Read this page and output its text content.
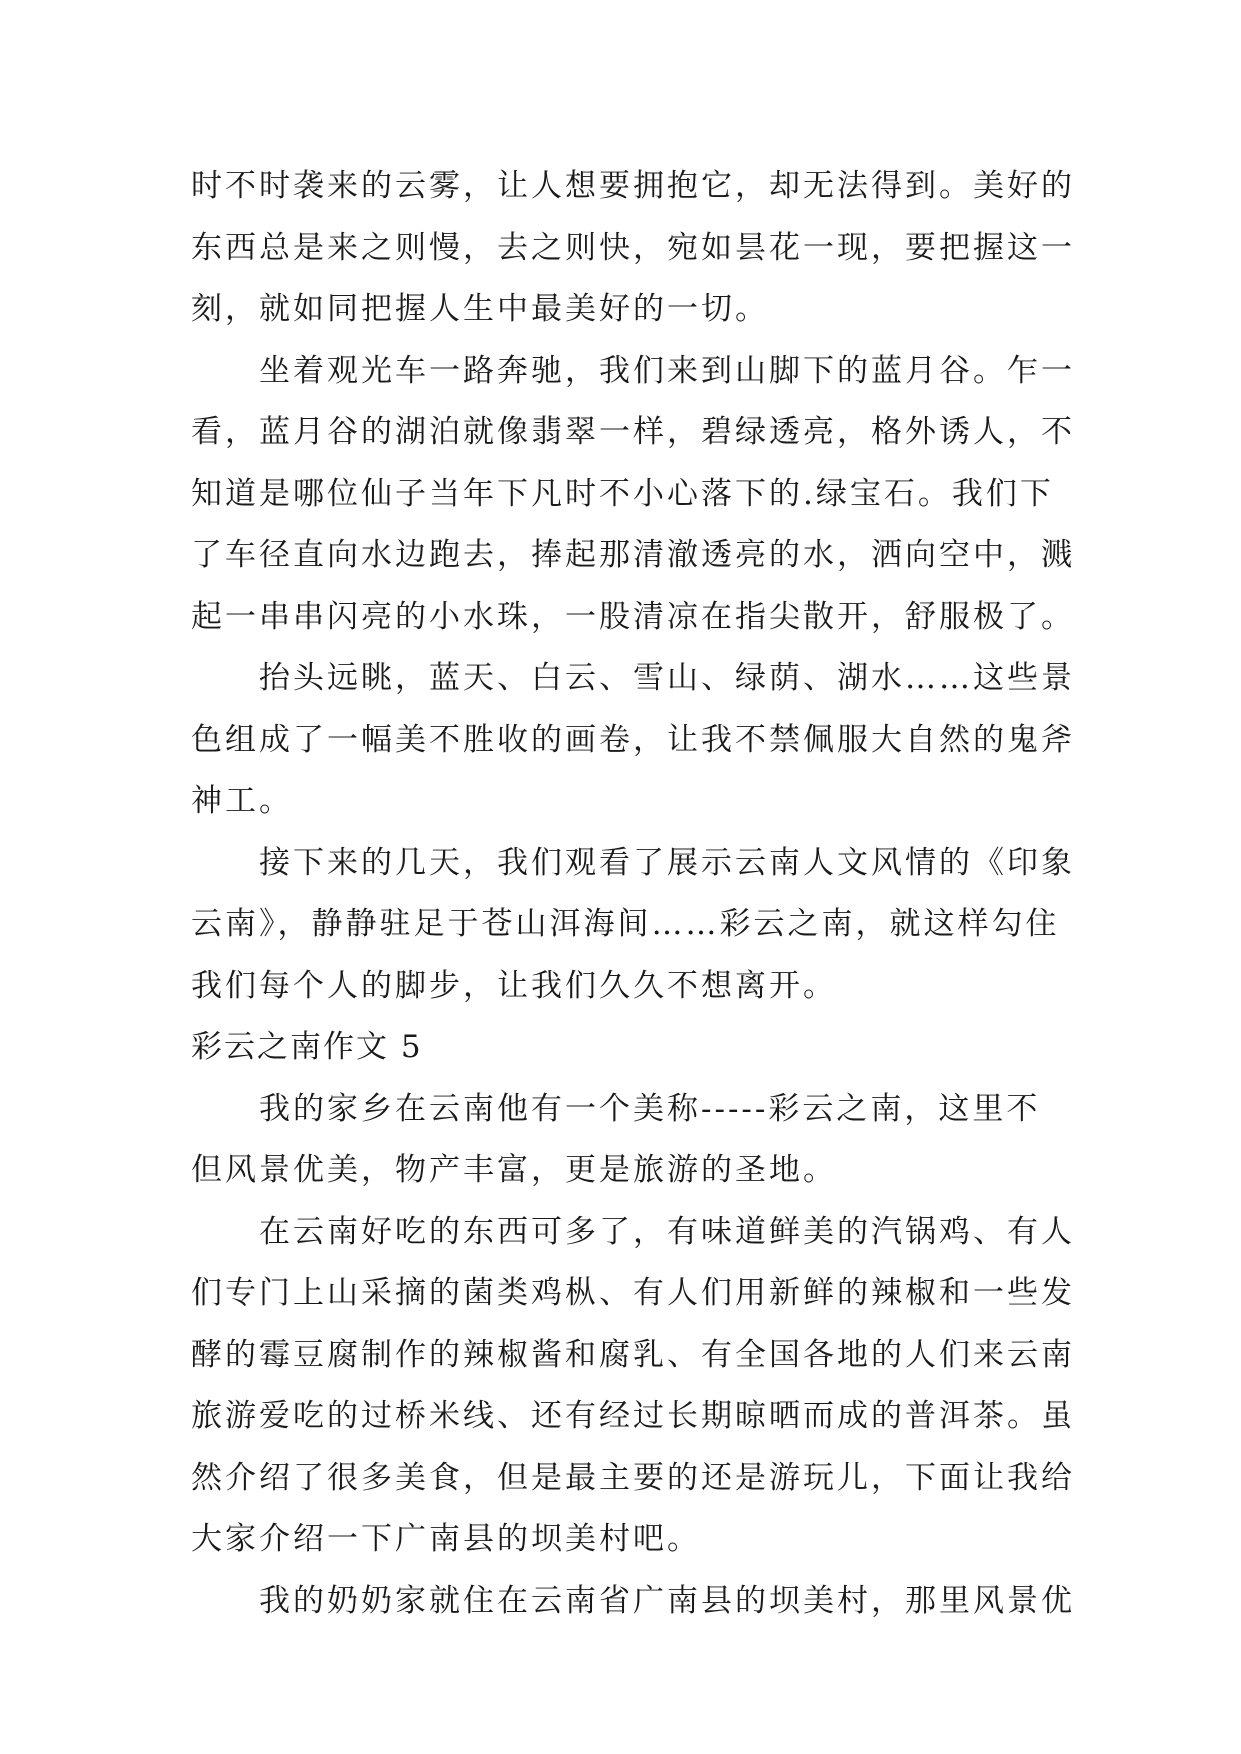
时不时袭来的云雾，让人想要拥抱它，却无法得到。美好的
东西总是来之则慢，去之则快，宛如昙花一现，要把握这一
刻，就如同把握人生中最美好的一切。
坐着观光车一路奔驰，我们来到山脚下的蓝月谷。乍一
看，蓝月谷的湖泊就像翡翠一样，碧绿透亮，格外诱人，不
知道是哪位仙子当年下凡时不小心落下的.绿宝石。我们下
了车径直向水边跑去，捧起那清澈透亮的水，洒向空中，溅
起一串串闪亮的小水珠，一股清凉在指尖散开，舒服极了。
抬头远眺，蓝天、白云、雪山、绿荫、湖水……这些景
色组成了一幅美不胜收的画卷，让我不禁佩服大自然的鬼斧
神工。
接下来的几天，我们观看了展示云南人文风情的《印象
云南》，静静驻足于苍山洱海间……彩云之南，就这样勾住
我们每个人的脚步，让我们久久不想离开。
彩云之南作文 5
我的家乡在云南他有一个美称-----彩云之南，这里不
但风景优美，物产丰富，更是旅游的圣地。
在云南好吃的东西可多了，有味道鲜美的汽锅鸡、有人
们专门上山采摘的菌类鸡枞、有人们用新鲜的辣椒和一些发
酵的霉豆腐制作的辣椒酱和腐乳、有全国各地的人们来云南
旅游爱吃的过桥米线、还有经过长期晾晒而成的普洱茶。虽
然介绍了很多美食，但是最主要的还是游玩儿，下面让我给
大家介绍一下广南县的坝美村吧。
我的奶奶家就住在云南省广南县的坝美村，那里风景优
